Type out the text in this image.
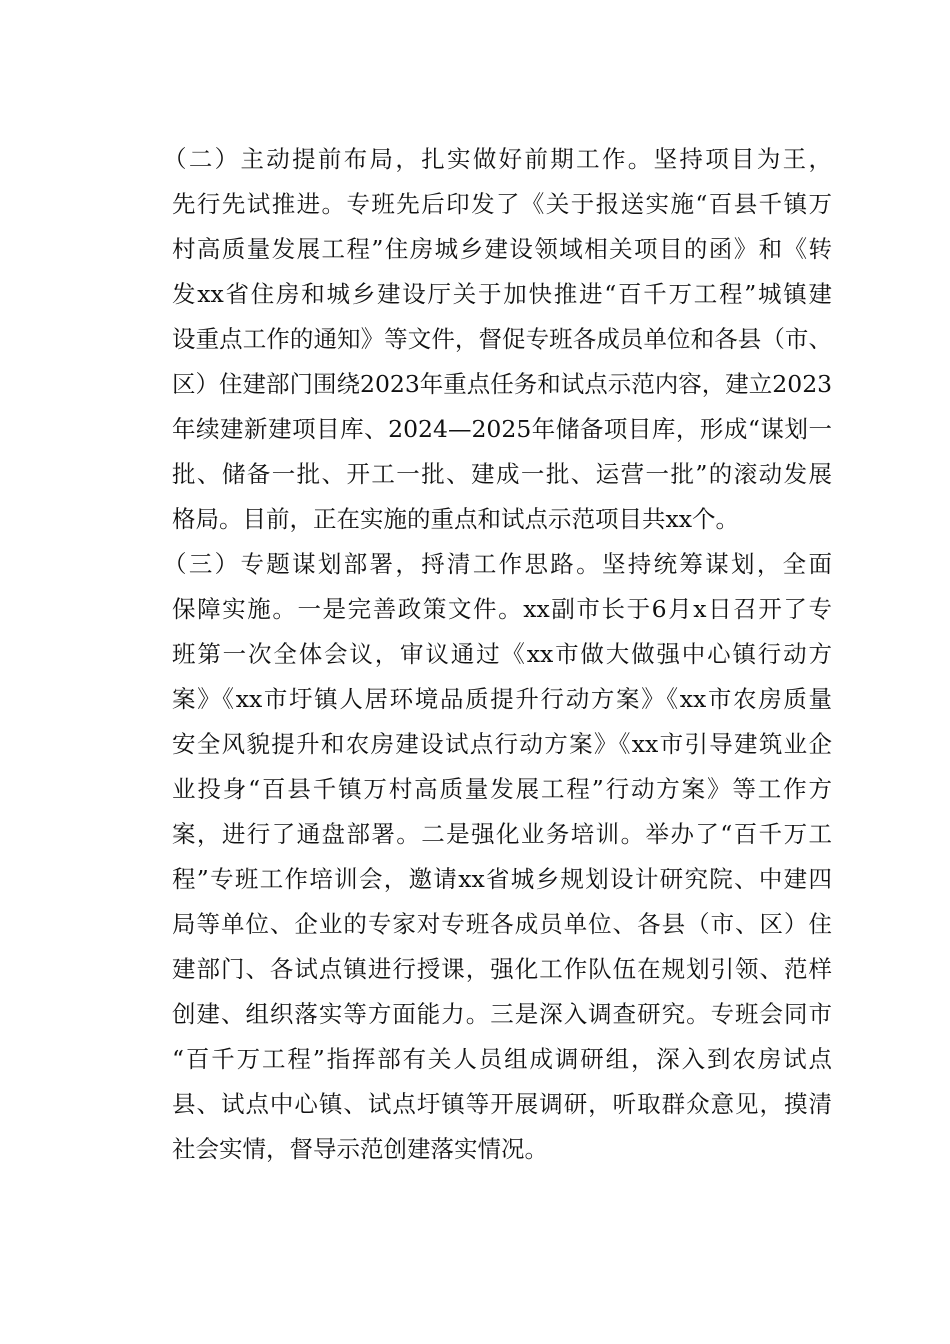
（二）主动提前布局，扎实做好前期工作。坚持项目为王，
先行先试推进。专班先后印发了《关于报送实施“百县千镇万
村高质量发展工程”住房城乡建设领域相关项目的函》和《转
发xx省住房和城乡建设厅关于加快推进“百千万工程”城镇建
设重点工作的通知》等文件，督促专班各成员单位和各县（市、
区）住建部门围绕2023年重点任务和试点示范内容，建立2023
年续建新建项目库、2024—2025年储备项目库，形成“谋划一
批、储备一批、开工一批、建成一批、运营一批”的滚动发展
格局。目前，正在实施的重点和试点示范项目共xx个。
（三）专题谋划部署，捋清工作思路。坚持统筹谋划，全面
保障实施。一是完善政策文件。xx副市长于6月x日召开了专
班第一次全体会议，审议通过《xx市做大做强中心镇行动方
案》《xx市圩镇人居环境品质提升行动方案》《xx市农房质量
安全风貌提升和农房建设试点行动方案》《xx市引导建筑业企
业投身“百县千镇万村高质量发展工程”行动方案》等工作方
案，进行了通盘部署。二是强化业务培训。举办了“百千万工
程”专班工作培训会，邀请xx省城乡规划设计研究院、中建四
局等单位、企业的专家对专班各成员单位、各县（市、区）住
建部门、各试点镇进行授课，强化工作队伍在规划引领、范样
创建、组织落实等方面能力。三是深入调查研究。专班会同市
“百千万工程”指挥部有关人员组成调研组，深入到农房试点
县、试点中心镇、试点圩镇等开展调研，听取群众意见，摸清
社会实情，督导示范创建落实情况。
